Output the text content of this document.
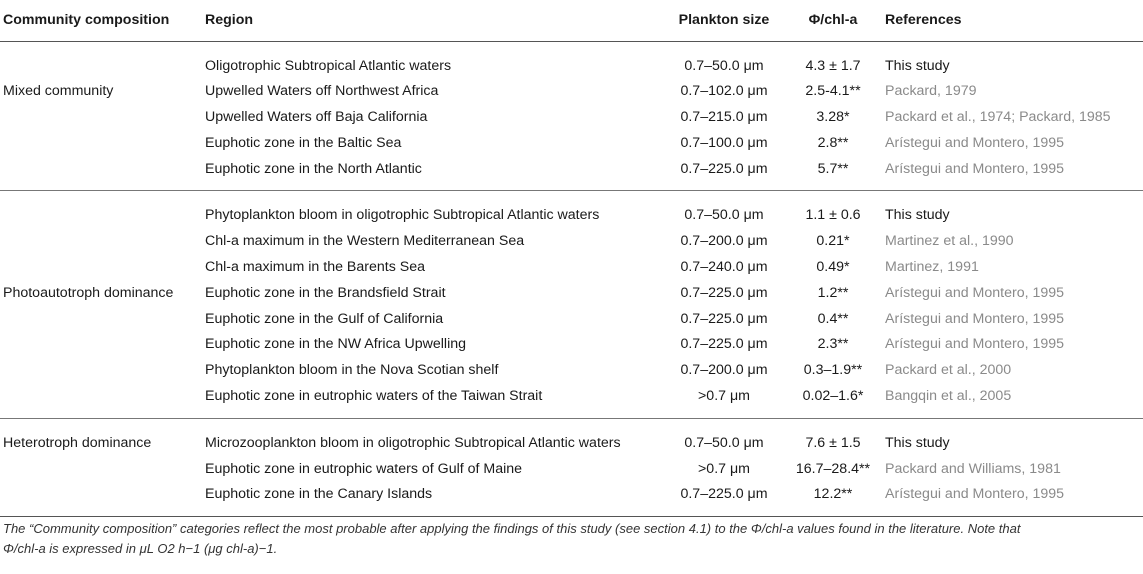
Community composition	Region	Plankton size	Φ/chl-a	References

	Oligotrophic Subtropical Atlantic waters	0.7–50.0 μm	4.3 ± 1.7	This study
Mixed community	Upwelled Waters off Northwest Africa	0.7–102.0 μm	2.5-4.1**	Packard, 1979
	Upwelled Waters off Baja California	0.7–215.0 μm	3.28*	Packard et al., 1974; Packard, 1985
	Euphotic zone in the Baltic Sea	0.7–100.0 μm	2.8**	Arístegui and Montero, 1995
	Euphotic zone in the North Atlantic	0.7–225.0 μm	5.7**	Arístegui and Montero, 1995

	Phytoplankton bloom in oligotrophic Subtropical Atlantic waters	0.7–50.0 μm	1.1 ± 0.6	This study
	Chl-a maximum in the Western Mediterranean Sea	0.7–200.0 μm	0.21*	Martinez et al., 1990
	Chl-a maximum in the Barents Sea	0.7–240.0 μm	0.49*	Martinez, 1991
Photoautotroph dominance	Euphotic zone in the Brandsfield Strait	0.7–225.0 μm	1.2**	Arístegui and Montero, 1995
	Euphotic zone in the Gulf of California	0.7–225.0 μm	0.4**	Arístegui and Montero, 1995
	Euphotic zone in the NW Africa Upwelling	0.7–225.0 μm	2.3**	Arístegui and Montero, 1995
	Phytoplankton bloom in the Nova Scotian shelf	0.7–200.0 μm	0.3–1.9**	Packard et al., 2000
	Euphotic zone in eutrophic waters of the Taiwan Strait	>0.7 μm	0.02–1.6*	Bangqin et al., 2005

Heterotroph dominance	Microzooplankton bloom in oligotrophic Subtropical Atlantic waters	0.7–50.0 μm	7.6 ± 1.5	This study
	Euphotic zone in eutrophic waters of Gulf of Maine	>0.7 μm	16.7–28.4**	Packard and Williams, 1981
	Euphotic zone in the Canary Islands	0.7–225.0 μm	12.2**	Arístegui and Montero, 1995

The “Community composition” categories reflect the most probable after applying the findings of this study (see section 4.1) to the Φ/chl-a values found in the literature. Note that
Φ/chl-a is expressed in μL O2 h−1 (μg chl-a)−1.
